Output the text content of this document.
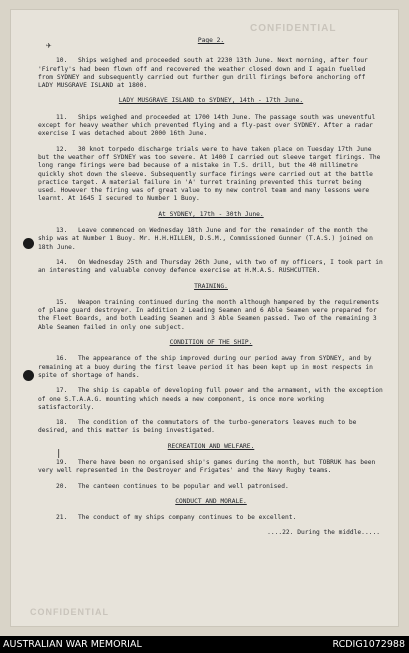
CONFIDENTIAL
CONFIDENTIAL
✈
|
Page 2.
10. Ships weighed and proceeded south at 2230 13th June. Next morning, after four 'Firefly's had been flown off and recovered the weather closed down and I again fuelled from SYDNEY and subsequently carried out further gun drill firings before anchoring off LADY MUSGRAVE ISLAND at 1800.
LADY MUSGRAVE ISLAND to SYDNEY, 14th - 17th June.
11. Ships weighed and proceeded at 1700 14th June. The passage south was uneventful except for heavy weather which prevented flying and a fly-past over SYDNEY. After a radar exercise I was detached about 2000 16th June.
12. 30 knot torpedo discharge trials were to have taken place on Tuesday 17th June but the weather off SYDNEY was too severe. At 1400 I carried out sleeve target firings. The long range firings were bad because of a mistake in T.S. drill, but the 40 millimetre quickly shot down the sleeve. Subsequently surface firings were carried out at the battle practice target. A material failure in 'A' turret training prevented this turret being used. However the firing was of great value to my new control team and many lessons were learnt. At 1645 I secured to Number 1 Buoy.
At SYDNEY, 17th - 30th June.
13. Leave commenced on Wednesday 18th June and for the remainder of the month the ship was at Number 1 Buoy. Mr. H.H.HILLEN, D.S.M., Commissioned Gunner (T.A.S.) joined on 18th June.
14. On Wednesday 25th and Thursday 26th June, with two of my officers, I took part in an interesting and valuable convoy defence exercise at H.M.A.S. RUSHCUTTER.
TRAINING.
15. Weapon training continued during the month although hampered by the requirements of plane guard destroyer. In addition 2 Leading Seamen and 6 Able Seamen were prepared for the Fleet Boards, and both Leading Seamen and 3 Able Seamen passed. Two of the remaining 3 Able Seamen failed in only one subject.
CONDITION OF THE SHIP.
16. The appearance of the ship improved during our period away from SYDNEY, and by remaining at a buoy during the first leave period it has been kept up in most respects in spite of shortage of hands.
17. The ship is capable of developing full power and the armament, with the exception of one S.T.A.A.G. mounting which needs a new component, is once more working satisfactorily.
18. The condition of the commutators of the turbo-generators leaves much to be desired, and this matter is being investigated.
RECREATION AND WELFARE.
19. There have been no organised ship's games during the month, but TOBRUK has been very well represented in the Destroyer and Frigates' and the Navy Rugby teams.
20. The canteen continues to be popular and well patronised.
CONDUCT AND MORALE.
21. The conduct of my ships company continues to be excellent.
....22. During the middle.....
AUSTRALIAN WAR MEMORIAL	RCDIG1072988
